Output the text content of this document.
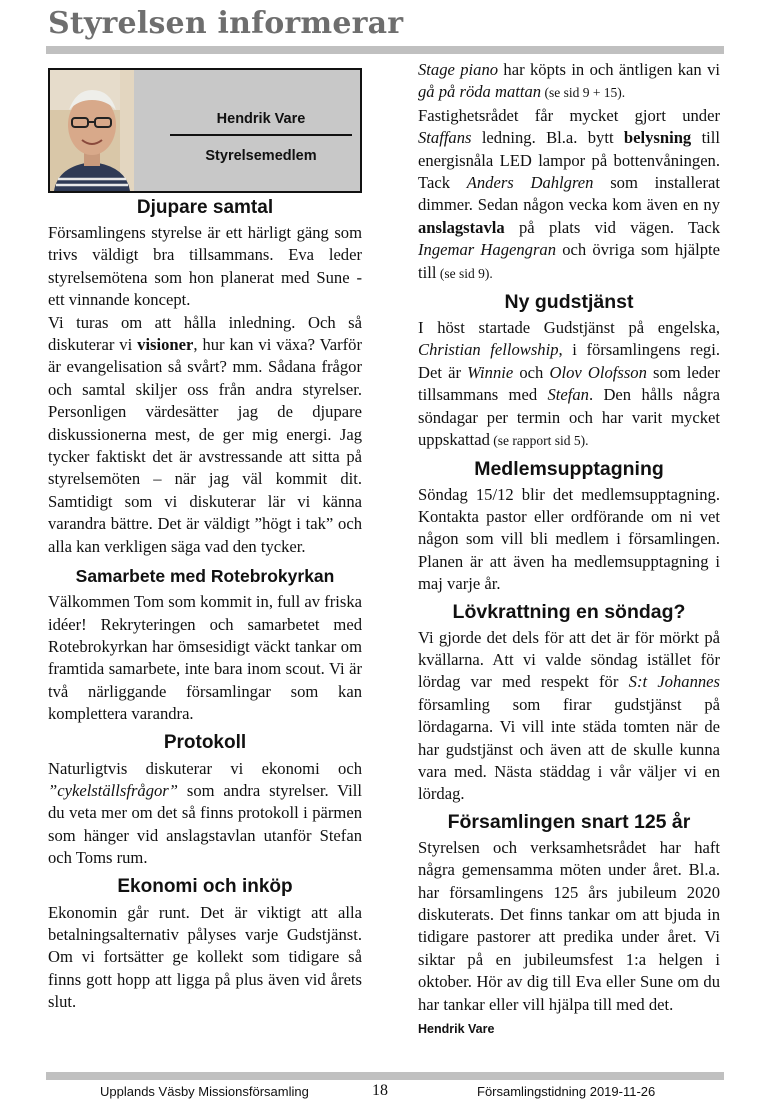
Styrelsen informerar
Hendrik Vare
Styrelsemedlem
Djupare samtal

Församlingens styrelse är ett härligt gäng som trivs väldigt bra tillsammans. Eva leder styrelsemötena som hon planerat med Sune - ett vinnande koncept.

Vi turas om att hålla inledning. Och så diskuterar vi visioner, hur kan vi växa? Varför är evangelisation så svårt? mm. Sådana frågor och samtal skiljer oss från andra styrelser. Personligen värdesätter jag de djupare diskussionerna mest, de ger mig energi. Jag tycker faktiskt det är avstressande att sitta på styrelsemöten – när jag väl kommit dit. Samtidigt som vi diskuterar lär vi känna varandra bättre. Det är väldigt ”högt i tak” och alla kan verkligen säga vad den tycker.

Samarbete med Rotebrokyrkan

Välkommen Tom som kommit in, full av friska idéer! Rekryteringen och samarbetet med Rotebrokyrkan har ömsesidigt väckt tankar om framtida samarbete, inte bara inom scout. Vi är två närliggande församlingar som kan komplettera varandra.

Protokoll

Naturligtvis diskuterar vi ekonomi och ”cykelställsfrågor” som andra styrelser. Vill du veta mer om det så finns protokoll i pärmen som hänger vid anslagstavlan utanför Stefan och Toms rum.

Ekonomi och inköp

Ekonomin går runt. Det är viktigt att alla betalningsalternativ pålyses varje Gudstjänst. Om vi fortsätter ge kollekt som tidigare så finns gott hopp att ligga på plus även vid årets slut.

Stage piano har köpts in och äntligen kan vi gå på röda mattan (se sid 9 + 15).

Fastighetsrådet får mycket gjort under Staffans ledning. Bl.a. bytt belysning till energisnåla LED lampor på bottenvåningen. Tack Anders Dahlgren som installerat dimmer. Sedan någon vecka kom även en ny anslagstavla på plats vid vägen. Tack Ingemar Hagengran och övriga som hjälpte till (se sid 9).

Ny gudstjänst

I höst startade Gudstjänst på engelska, Christian fellowship, i församlingens regi. Det är Winnie och Olov Olofsson som leder tillsammans med Stefan. Den hålls några söndagar per termin och har varit mycket uppskattad (se rapport sid 5).

Medlemsupptagning

Söndag 15/12 blir det medlemsupptagning. Kontakta pastor eller ordförande om ni vet någon som vill bli medlem i församlingen. Planen är att även ha medlemsupptagning i maj varje år.

Lövkrattning en söndag?

Vi gjorde det dels för att det är för mörkt på kvällarna. Att vi valde söndag istället för lördag var med respekt för S:t Johannes församling som firar gudstjänst på lördagarna. Vi vill inte städa tomten när de har gudstjänst och även att de skulle kunna vara med. Nästa städdag i vår väljer vi en lördag.

Församlingen snart 125 år

Styrelsen och verksamhetsrådet har haft några gemensamma möten under året. Bl.a. har församlingens 125 års jubileum 2020 diskuterats. Det finns tankar om att bjuda in tidigare pastorer att predika under året. Vi siktar på en jubileumsfest 1:a helgen i oktober. Hör av dig till Eva eller Sune om du har tankar eller vill hjälpa till med det.

Hendrik Vare
Upplands Väsby Missionsförsamling	18	Församlingstidning 2019-11-26
